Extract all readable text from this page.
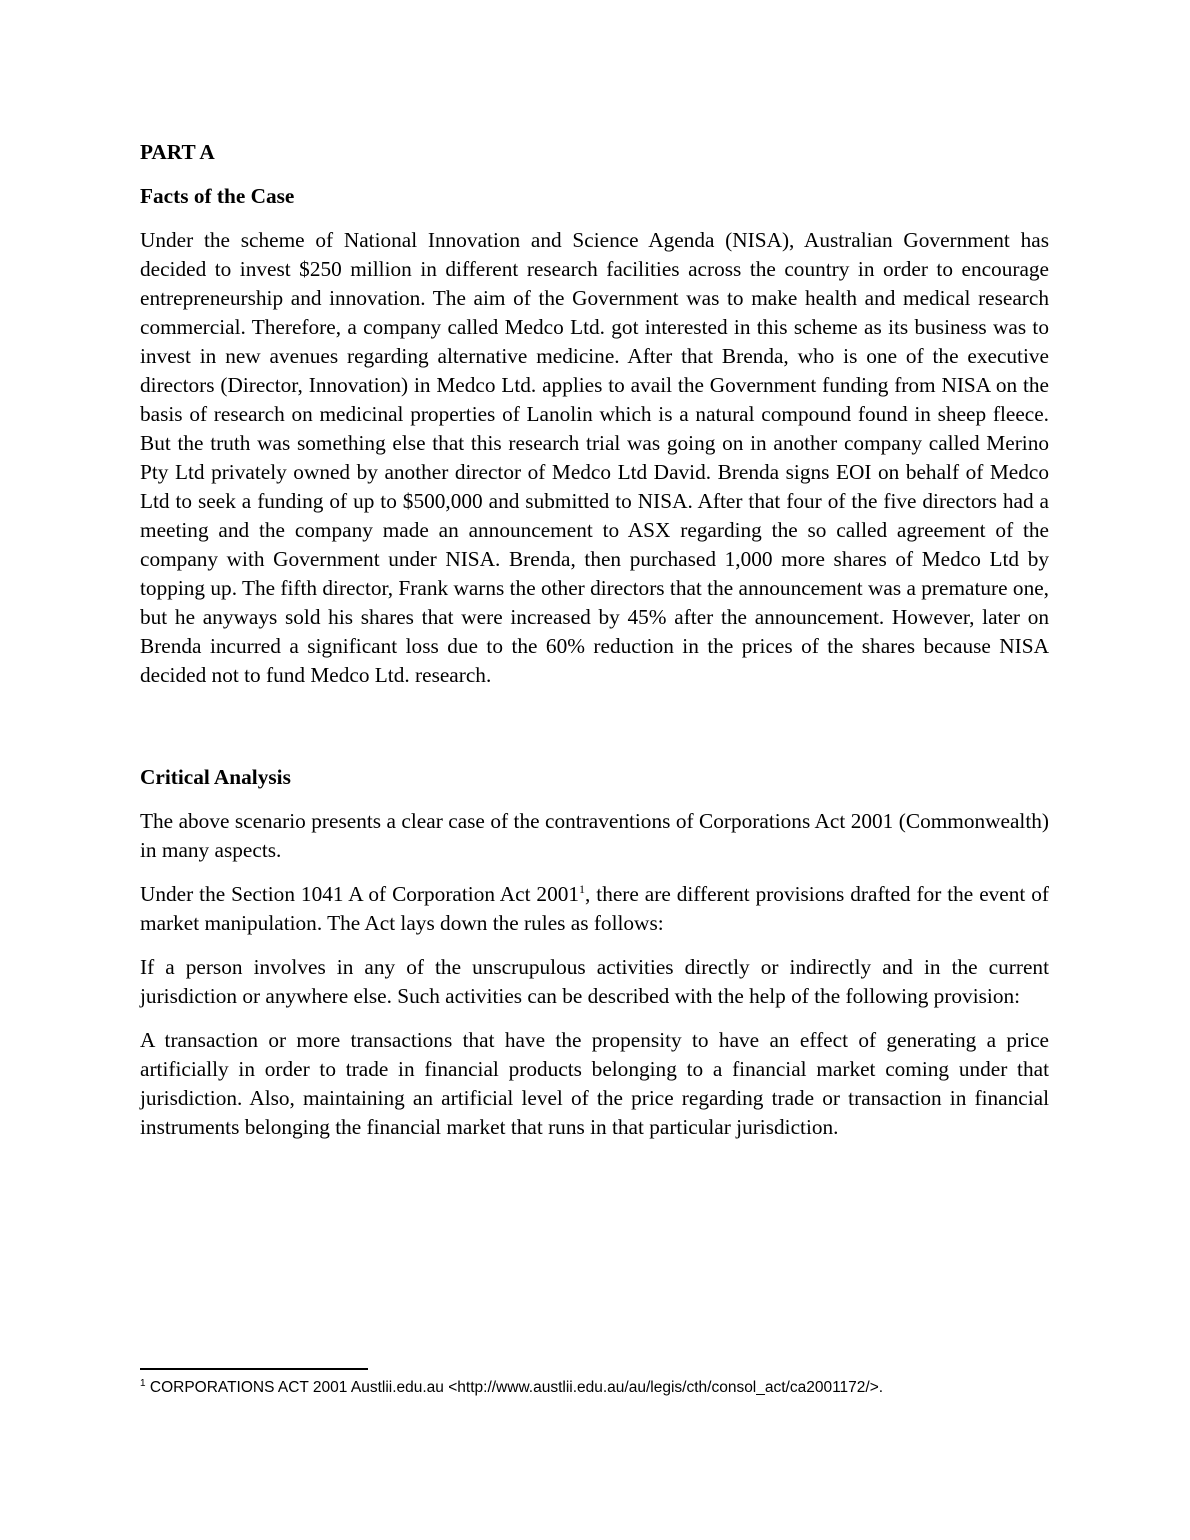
PART A
Facts of the Case

Under the scheme of National Innovation and Science Agenda (NISA), Australian Government has decided to invest $250 million in different research facilities across the country in order to encourage entrepreneurship and innovation. The aim of the Government was to make health and medical research commercial. Therefore, a company called Medco Ltd. got interested in this scheme as its business was to invest in new avenues regarding alternative medicine. After that Brenda, who is one of the executive directors (Director, Innovation) in Medco Ltd. applies to avail the Government funding from NISA on the basis of research on medicinal properties of Lanolin which is a natural compound found in sheep fleece. But the truth was something else that this research trial was going on in another company called Merino Pty Ltd privately owned by another director of Medco Ltd David. Brenda signs EOI on behalf of Medco Ltd to seek a funding of up to $500,000 and submitted to NISA. After that four of the five directors had a meeting and the company made an announcement to ASX regarding the so called agreement of the company with Government under NISA. Brenda, then purchased 1,000 more shares of Medco Ltd by topping up. The fifth director, Frank warns the other directors that the announcement was a premature one, but he anyways sold his shares that were increased by 45% after the announcement. However, later on Brenda incurred a significant loss due to the 60% reduction in the prices of the shares because NISA decided not to fund Medco Ltd. research.

Critical Analysis

The above scenario presents a clear case of the contraventions of Corporations Act 2001 (Commonwealth) in many aspects.

Under the Section 1041 A of Corporation Act 2001$^1$, there are different provisions drafted for the event of market manipulation. The Act lays down the rules as follows:

If a person involves in any of the unscrupulous activities directly or indirectly and in the current jurisdiction or anywhere else. Such activities can be described with the help of the following provision:

A transaction or more transactions that have the propensity to have an effect of generating a price artificially in order to trade in financial products belonging to a financial market coming under that jurisdiction. Also, maintaining an artificial level of the price regarding trade or transaction in financial instruments belonging the financial market that runs in that particular jurisdiction.

$^1$ CORPORATIONS ACT 2001 Austlii.edu.au <http://www.austlii.edu.au/au/legis/cth/consol_act/ca2001172/>.
